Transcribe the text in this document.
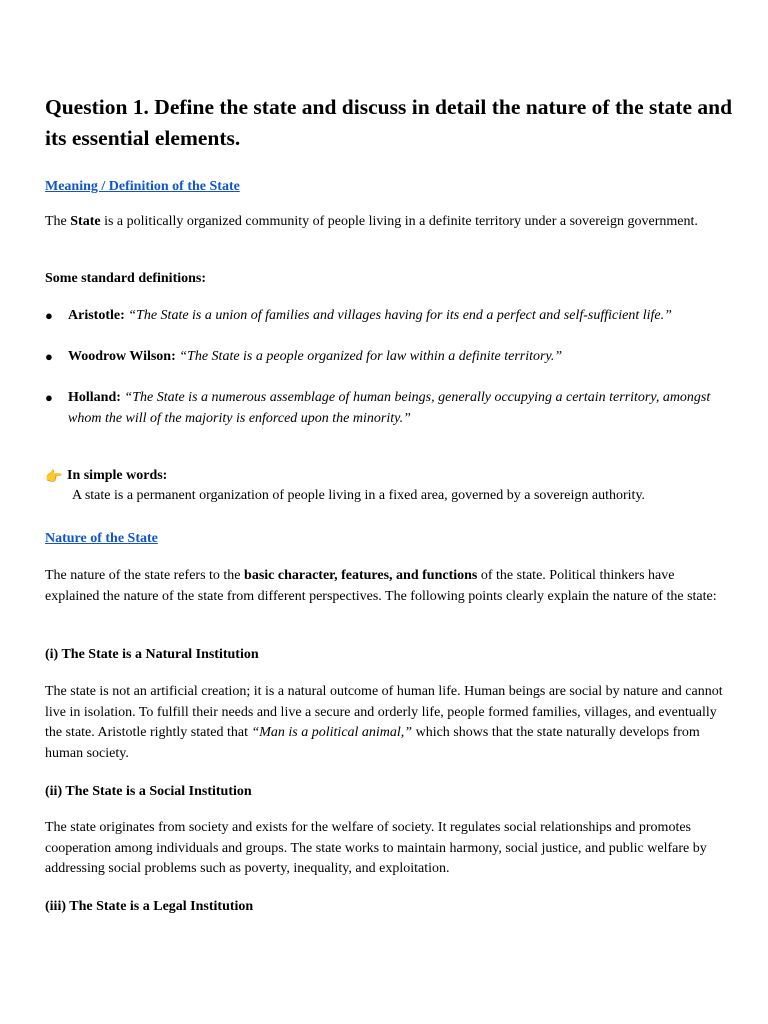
Question 1. Define the state and discuss in detail the nature of the state and its essential elements.
Meaning / Definition of the State

The State is a politically organized community of people living in a definite territory under a sovereign government.

Some standard definitions:

● Aristotle: “The State is a union of families and villages having for its end a perfect and self-sufficient life.”
● Woodrow Wilson: “The State is a people organized for law within a definite territory.”
● Holland: “The State is a numerous assemblage of human beings, generally occupying a certain territory, amongst whom the will of the majority is enforced upon the minority.”
👉 In simple words:
A state is a permanent organization of people living in a fixed area, governed by a sovereign authority.
Nature of the State

The nature of the state refers to the basic character, features, and functions of the state. Political thinkers have explained the nature of the state from different perspectives. The following points clearly explain the nature of the state:

(i) The State is a Natural Institution

The state is not an artificial creation; it is a natural outcome of human life. Human beings are social by nature and cannot live in isolation. To fulfill their needs and live a secure and orderly life, people formed families, villages, and eventually the state. Aristotle rightly stated that “Man is a political animal,” which shows that the state naturally develops from human society.

(ii) The State is a Social Institution

The state originates from society and exists for the welfare of society. It regulates social relationships and promotes cooperation among individuals and groups. The state works to maintain harmony, social justice, and public welfare by addressing social problems such as poverty, inequality, and exploitation.

(iii) The State is a Legal Institution
